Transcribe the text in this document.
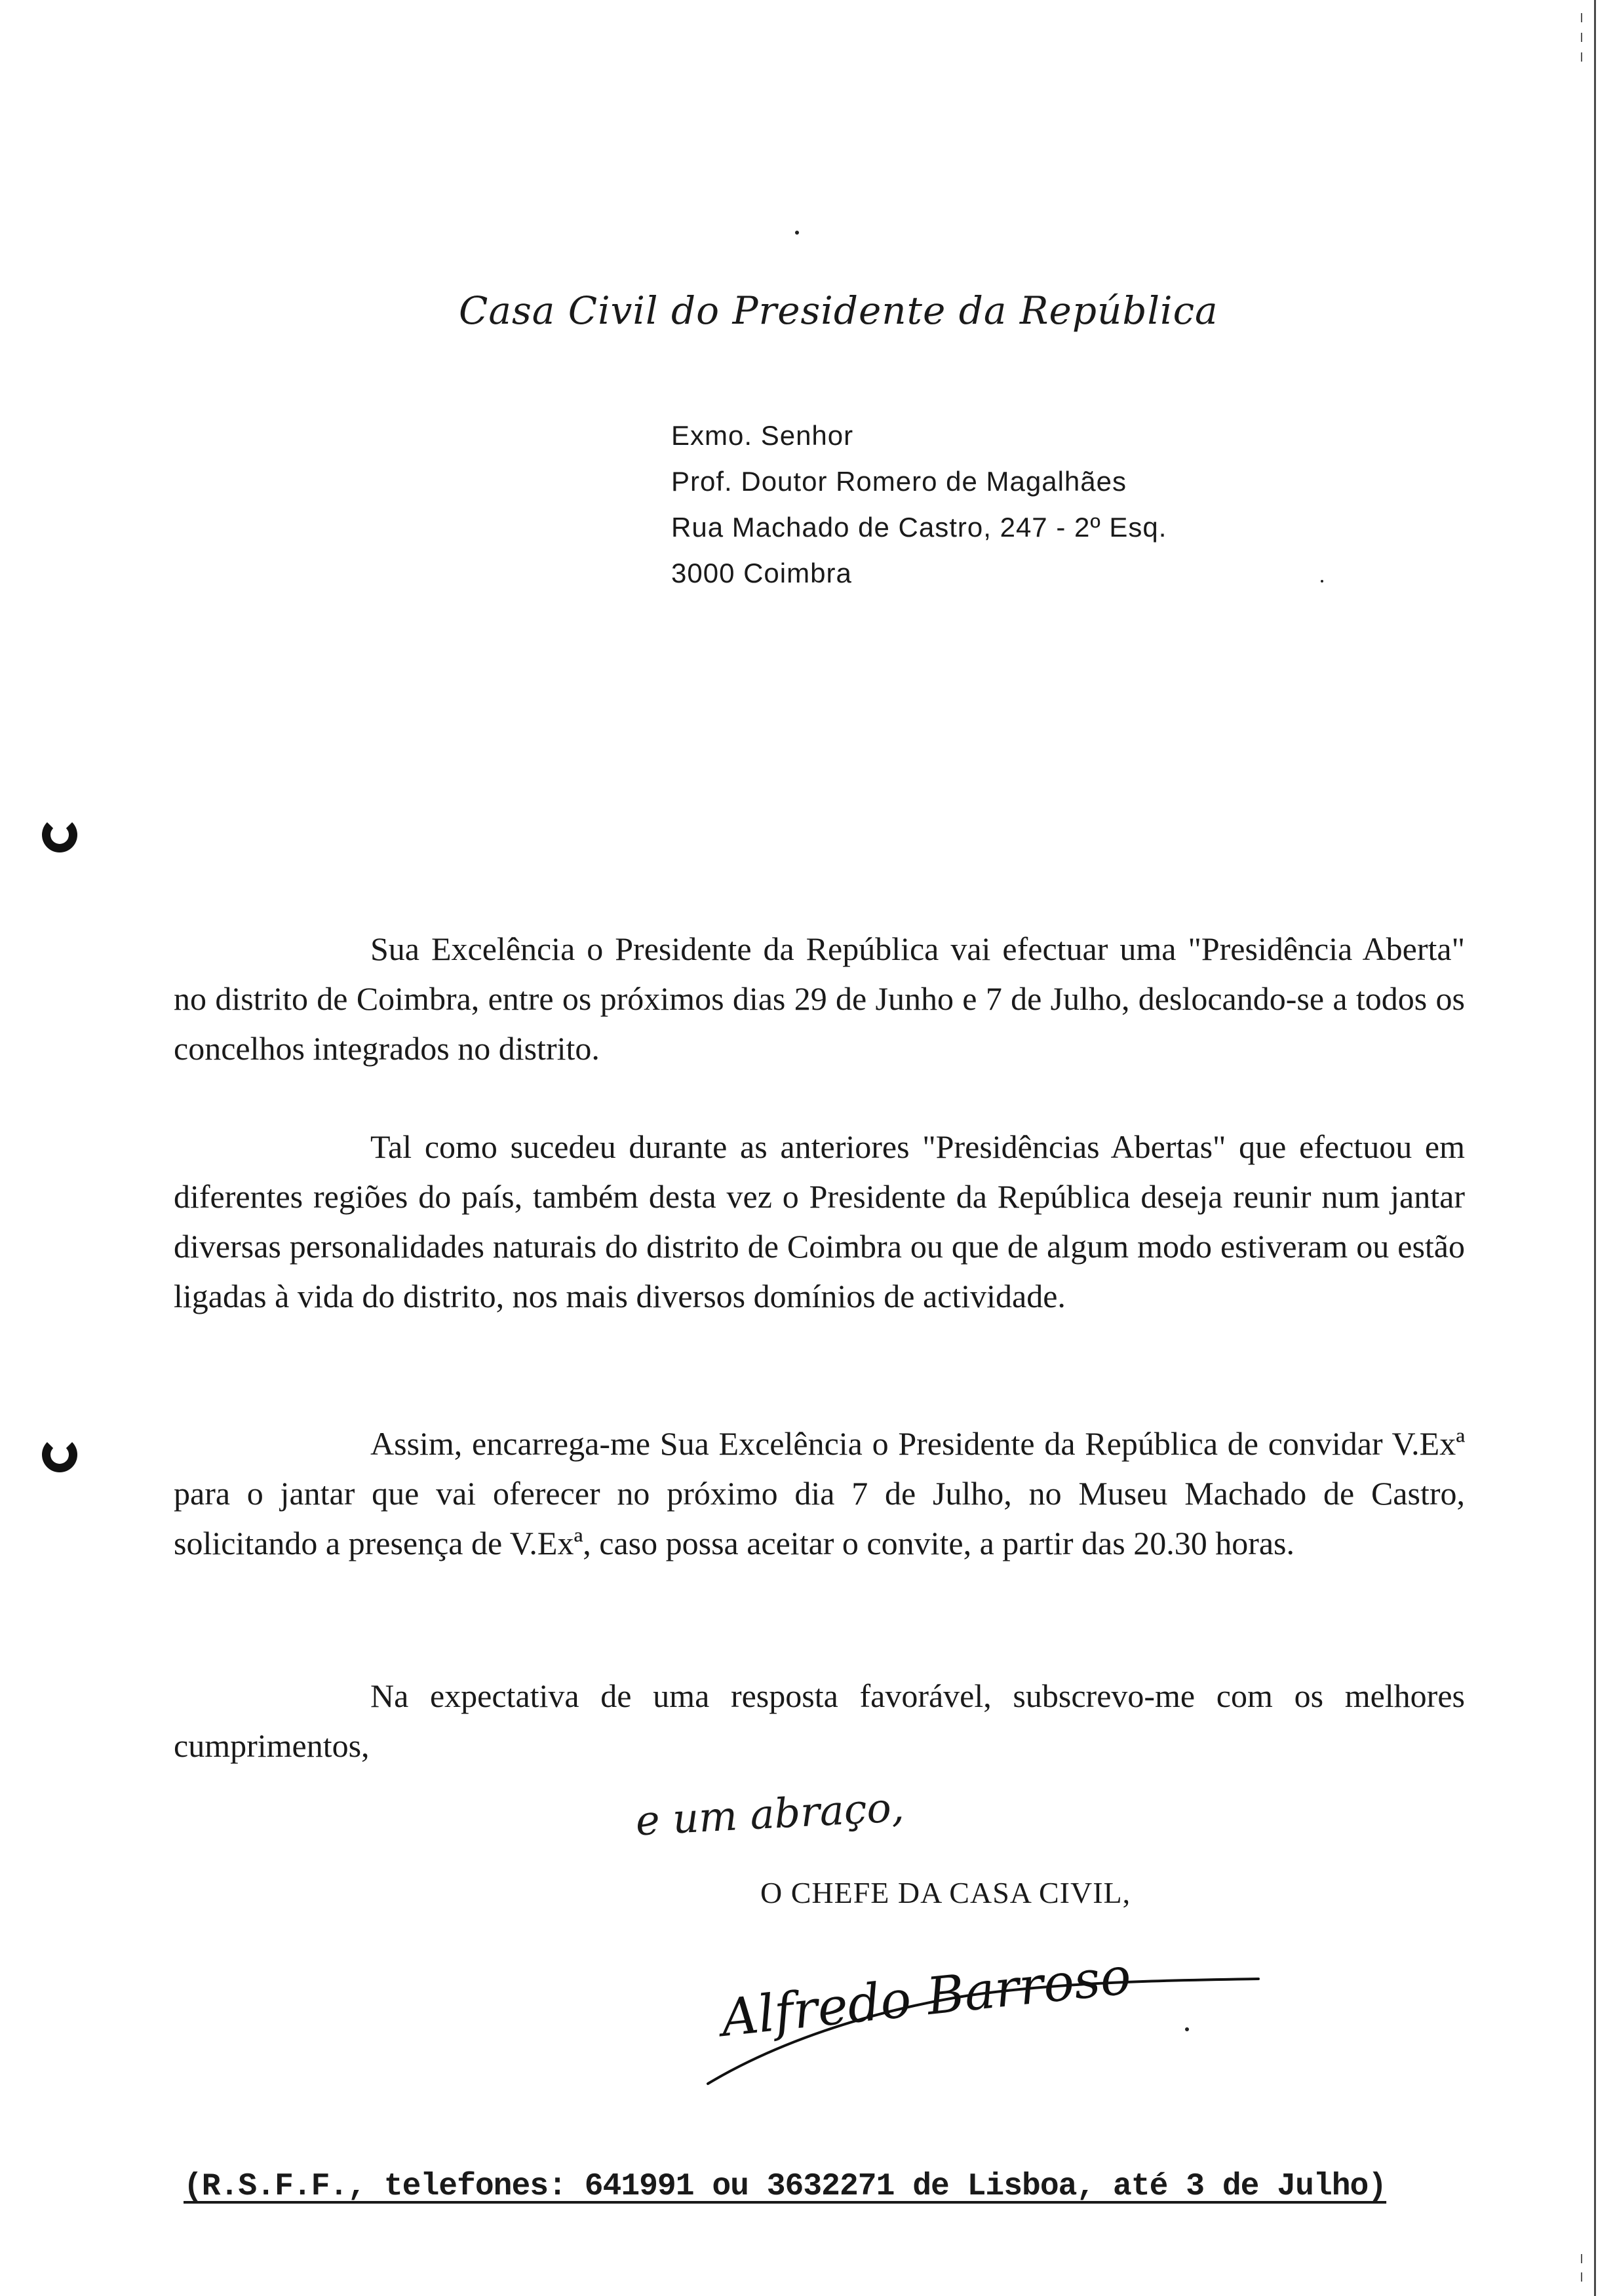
Casa Civil do Presidente da República
Exmo. Senhor
Prof. Doutor Romero de Magalhães
Rua Machado de Castro, 247 - 2º Esq.
3000 Coimbra
Sua Excelência o Presidente da República vai efectuar uma "Presidência Aberta" no distrito de Coimbra, entre os próximos dias 29 de Junho e 7 de Julho, deslocando-se a todos os concelhos integrados no distrito.
Tal como sucedeu durante as anteriores "Presidências Abertas" que efectuou em diferentes regiões do país, também desta vez o Presidente da República deseja reunir num jantar diversas personalidades naturais do distrito de Coimbra ou que de algum modo estiveram ou estão ligadas à vida do distrito, nos mais diversos domínios de actividade.
Assim, encarrega-me Sua Excelência o Presidente da República de convidar V.Exª para o jantar que vai oferecer no próximo dia 7 de Julho, no Museu Machado de Castro, solicitando a presença de V.Exª, caso possa aceitar o convite, a partir das 20.30 horas.
Na expectativa de uma resposta favorável, subscrevo-me com os melhores cumprimentos,
e um abraço,
O CHEFE DA CASA CIVIL,
Alfredo Barroso
(R.S.F.F., telefones: 641991 ou 3632271 de Lisboa, até 3 de Julho)
